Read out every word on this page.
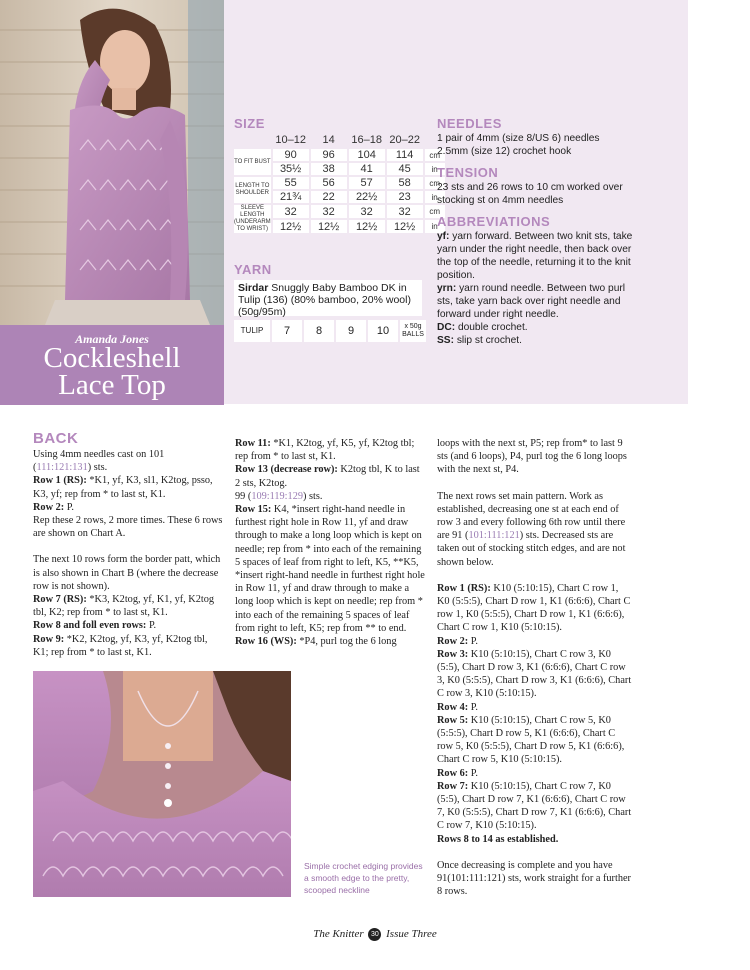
Amanda Jones
Cockleshell
Lace Top
SIZE
	10–12	14	16–18	20–22	
TO FIT BUST	90	96	104	114	cm
	35½	38	41	45	in
LENGTH TO SHOULDER	55	56	57	58	cm
	21¾	22	22½	23	in
SLEEVE LENGTH (UNDERARM TO WRIST)	32	32	32	32	cm
	12½	12½	12½	12½	in
YARN
Sirdar Snuggly Baby Bamboo DK in Tulip (136) (80% bamboo, 20% wool) (50g/95m)
TULIP	7	8	9	10	x 50g BALLS
NEEDLES
1 pair of 4mm (size 8/US 6) needles
2.5mm (size 12) crochet hook
TENSION
23 sts and 26 rows to 10 cm worked over
stocking st on 4mm needles
ABBREVIATIONS
yf: yarn forward. Between two knit sts, take yarn under the right needle, then back over the top of the needle, returning it to the knit position.
yrn: yarn round needle. Between two purl sts, take yarn back over right needle and forward under right needle.
DC: double crochet.
SS: slip st crochet.
BACK

Using 4mm needles cast on 101 (111:121:131) sts.

Row 1 (RS): *K1, yf, K3, sl1, K2tog, psso, K3, yf; rep from * to last st, K1.

Row 2: P.

Rep these 2 rows, 2 more times. These 6 rows are shown on Chart A.

The next 10 rows form the border patt, which is also shown in Chart B (where the decrease row is not shown).

Row 7 (RS): *K3, K2tog, yf, K1, yf, K2tog tbl, K2; rep from * to last st, K1.

Row 8 and foll even rows: P.

Row 9: *K2, K2tog, yf, K3, yf, K2tog tbl, K1; rep from * to last st, K1.

Row 11: *K1, K2tog, yf, K5, yf, K2tog tbl; rep from * to last st, K1.

Row 13 (decrease row): K2tog tbl, K to last 2 sts, K2tog.

99 (109:119:129) sts.

Row 15: K4, *insert right-hand needle in furthest right hole in Row 11, yf and draw through to make a long loop which is kept on needle; rep from * into each of the remaining 5 spaces of leaf from right to left, K5, **K5, *insert right-hand needle in furthest right hole in Row 11, yf and draw through to make a long loop which is kept on needle; rep from * into each of the remaining 5 spaces of leaf from right to left, K5; rep from ** to end.

Row 16 (WS): *P4, purl tog the 6 long

loops with the next st, P5; rep from* to last 9 sts (and 6 loops), P4, purl tog the 6 long loops with the next st, P4.

The next rows set main pattern. Work as established, decreasing one st at each end of row 3 and every following 6th row until there are 91 (101:111:121) sts. Decreased sts are taken out of stocking stitch edges, and are not shown below.

Row 1 (RS): K10 (5:10:15), Chart C row 1, K0 (5:5:5), Chart D row 1, K1 (6:6:6), Chart C row 1, K0 (5:5:5), Chart D row 1, K1 (6:6:6), Chart C row 1, K10 (5:10:15).

Row 2: P.

Row 3: K10 (5:10:15), Chart C row 3, K0 (5:5), Chart D row 3, K1 (6:6:6), Chart C row 3, K0 (5:5:5), Chart D row 3, K1 (6:6:6), Chart C row 3, K10 (5:10:15).

Row 4: P.

Row 5: K10 (5:10:15), Chart C row 5, K0 (5:5:5), Chart D row 5, K1 (6:6:6), Chart C row 5, K0 (5:5:5), Chart D row 5, K1 (6:6:6), Chart C row 5, K10 (5:10:15).

Row 6: P.

Row 7: K10 (5:10:15), Chart C row 7, K0 (5:5), Chart D row 7, K1 (6:6:6), Chart C row 7, K0 (5:5:5), Chart D row 7, K1 (6:6:6), Chart C row 7, K10 (5:10:15).

Rows 8 to 14 as established.

Once decreasing is complete and you have 91(101:111:121) sts, work straight for a further 8 rows.

Simple crochet edging provides a smooth edge to the pretty, scooped neckline
The Knitter 30 Issue Three
